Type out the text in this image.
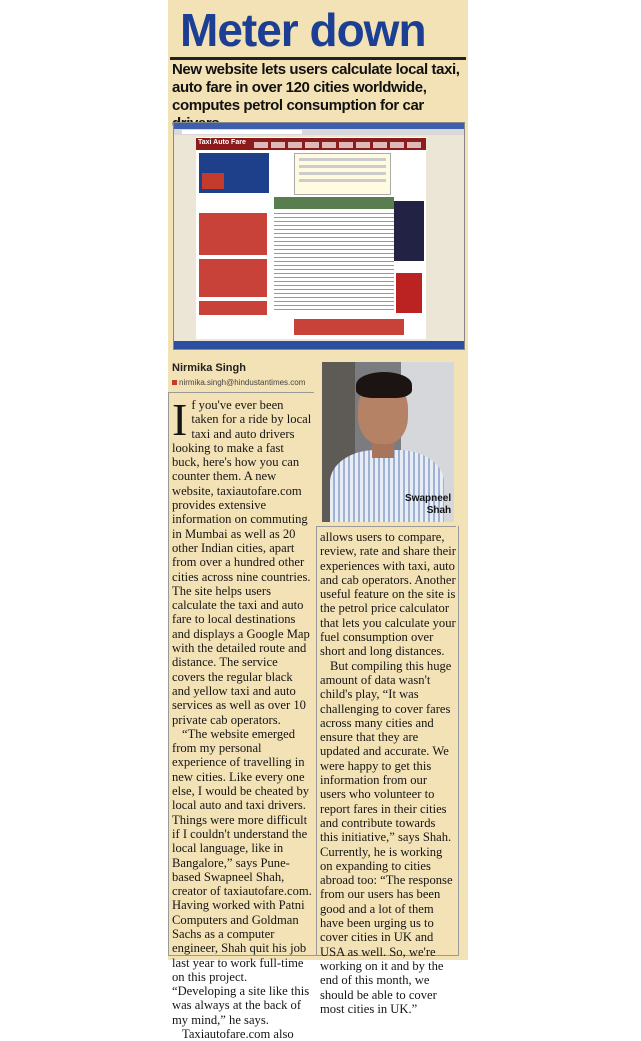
Meter down
New website lets users calculate local taxi, auto fare in over 120 cities worldwide, computes petrol consumption for car
Taxi Auto Fare
Nirmika Singh
nirmika.singh@hindustantimes.com
Swapneel
Shah

If you've ever been taken for a ride by local taxi and auto drivers looking to make a fast buck, here's how you can counter them. A new website, taxiautofare.com provides extensive information on commuting in Mumbai as well as 20 other Indian cities, apart from over a hundred other cities across nine countries. The site helps users calculate the taxi and auto fare to local destinations and displays a Google Map with the detailed route and distance. The service covers the regular black and yellow taxi and auto services as well as over 10 private cab operators.

“The website emerged from my personal experience of travelling in new cities. Like every one else, I would be cheated by local auto and taxi drivers. Things were more difficult if I couldn't understand the local language, like in Bangalore,” says Pune-based Swapneel Shah, creator of taxiautofare.com. Having worked with Patni Computers and Goldman Sachs as a computer engineer, Shah quit his job last year to work full-time on this project. “Developing a site like this was always at the back of my mind,” he says.

Taxiautofare.com also

allows users to compare, review, rate and share their experiences with taxi, auto and cab operators. Another useful feature on the site is the petrol price calculator that lets you calculate your fuel consumption over short and long distances.

But compiling this huge amount of data wasn't child's play, “It was challenging to cover fares across many cities and ensure that they are updated and accurate. We were happy to get this information from our users who volunteer to report fares in their cities and contribute towards this initiative,” says Shah. Currently, he is working on expanding to cities abroad too: “The response from our users has been good and a lot of them have been urging us to cover cities in UK and USA as well. So, we're working on it and by the end of this month, we should be able to cover most cities in UK.”
